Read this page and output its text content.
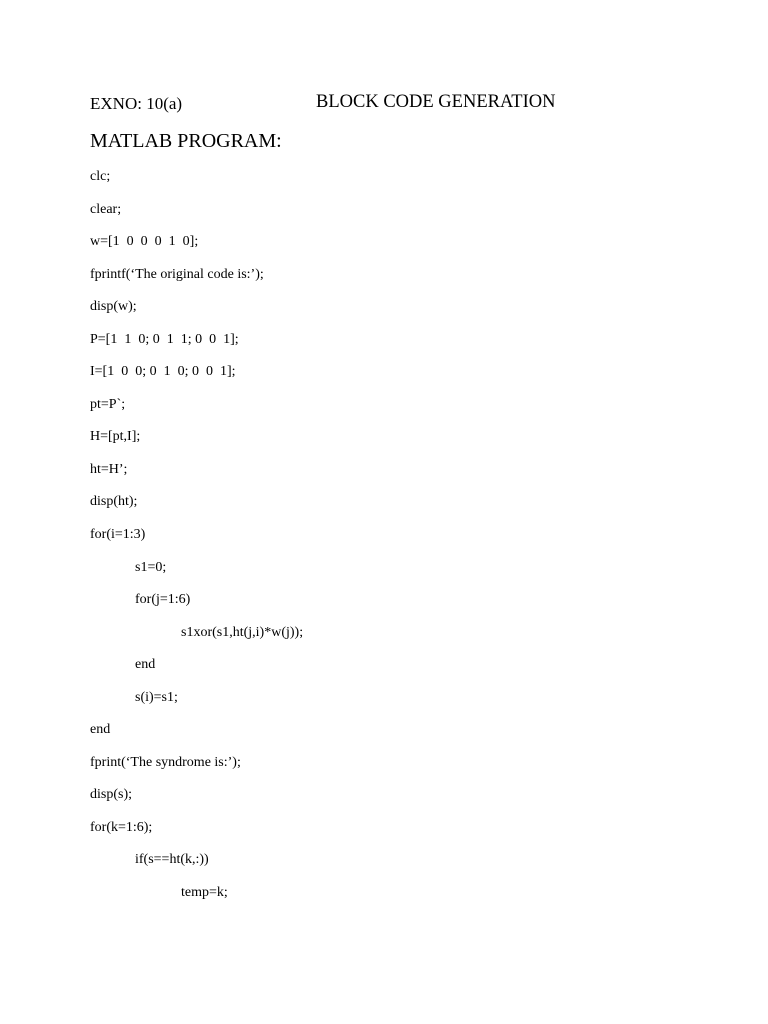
EXNO: 10(a)	BLOCK CODE GENERATION
MATLAB PROGRAM:
clc;
clear;
w=[1  0  0  0  1  0];
fprintf(‘The original code is:’);
disp(w);
P=[1  1  0; 0  1  1; 0  0  1];
I=[1  0  0; 0  1  0; 0  0  1];
pt=P`;
H=[pt,I];
ht=H’;
disp(ht);
for(i=1:3)
s1=0;
for(j=1:6)
s1xor(s1,ht(j,i)*w(j));
end
s(i)=s1;
end
fprint(‘The syndrome is:’);
disp(s);
for(k=1:6);
if(s==ht(k,:))
temp=k;
